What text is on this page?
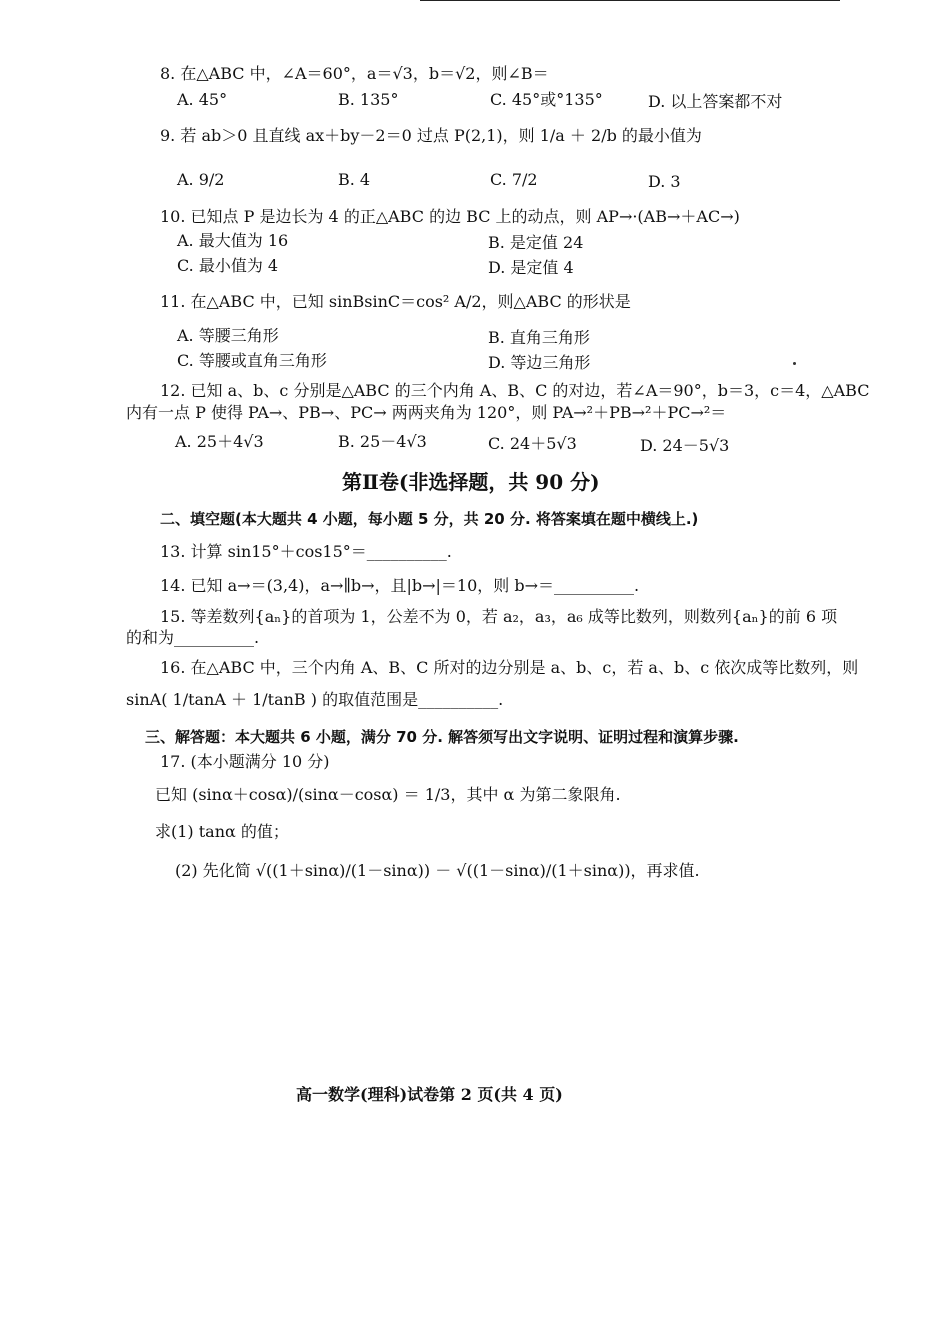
8. 在△ABC 中，∠A＝60°，a＝√3，b＝√2，则∠B＝
A. 45°	B. 135°	C. 45°或°135°	D. 以上答案都不对
9. 若 ab＞0 且直线 ax＋by－2＝0 过点 P(2,1)，则 1/a ＋ 2/b 的最小值为
A. 9/2	B. 4	C. 7/2	D. 3
10. 已知点 P 是边长为 4 的正△ABC 的边 BC 上的动点，则 AP→·(AB→＋AC→)
A. 最大值为 16	B. 是定值 24
C. 最小值为 4	D. 是定值 4
11. 在△ABC 中，已知 sinBsinC＝cos² A/2，则△ABC 的形状是
A. 等腰三角形	B. 直角三角形
C. 等腰或直角三角形	D. 等边三角形
12. 已知 a、b、c 分别是△ABC 的三个内角 A、B、C 的对边，若∠A＝90°，b＝3，c＝4，△ABC
内有一点 P 使得 PA→、PB→、PC→ 两两夹角为 120°，则 PA→²＋PB→²＋PC→²＝
A. 25＋4√3	B. 25－4√3	C. 24＋5√3	D. 24－5√3
第Ⅱ卷(非选择题，共 90 分)
二、填空题(本大题共 4 小题，每小题 5 分，共 20 分. 将答案填在题中横线上.)
13. 计算 sin15°＋cos15°＝__________.
14. 已知 a→＝(3,4)，a→∥b→，且|b→|＝10，则 b→＝__________.
15. 等差数列{aₙ}的首项为 1，公差不为 0，若 a₂，a₃，a₆ 成等比数列，则数列{aₙ}的前 6 项
的和为__________.
16. 在△ABC 中，三个内角 A、B、C 所对的边分别是 a、b、c，若 a、b、c 依次成等比数列，则
sinA( 1/tanA ＋ 1/tanB ) 的取值范围是__________.
三、解答题：本大题共 6 小题，满分 70 分. 解答须写出文字说明、证明过程和演算步骤.
17. (本小题满分 10 分)
已知 (sinα＋cosα)/(sinα－cosα) ＝ 1/3，其中 α 为第二象限角.
求(1) tanα 的值；
(2) 先化简 √((1＋sinα)/(1－sinα)) － √((1－sinα)/(1＋sinα))，再求值.
高一数学(理科)试卷第 2 页(共 4 页)
